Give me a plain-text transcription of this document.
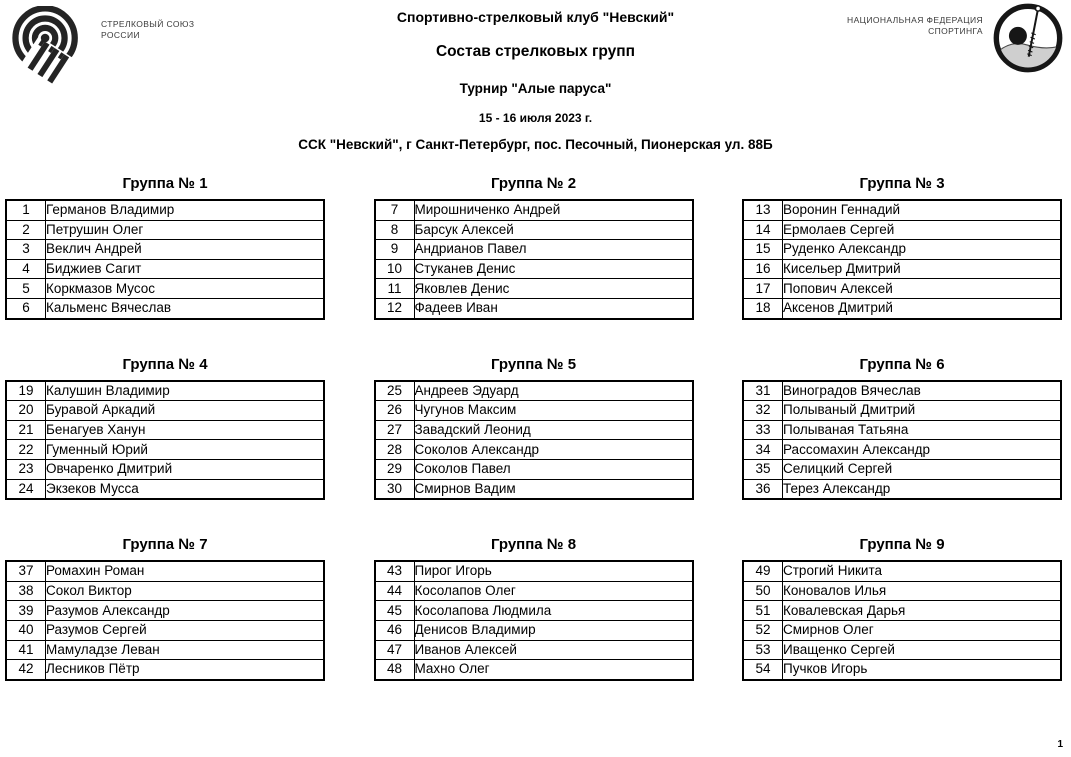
СТРЕЛКОВЫЙ СОЮЗ
РОССИИ
НАЦИОНАЛЬНАЯ ФЕДЕРАЦИЯ
СПОРТИНГА
Спортивно-стрелковый клуб "Невский"
Состав стрелковых групп
Турнир "Алые паруса"
15 - 16 июля 2023 г.
ССК "Невский", г Санкт-Петербург, пос. Песочный, Пионерская ул. 88Б
Группа № 1
1	Германов Владимир
2	Петрушин Олег
3	Веклич Андрей
4	Биджиев Сагит
5	Коркмазов Мусос
6	Кальменс Вячеслав
Группа № 2
7	Мирошниченко Андрей
8	Барсук Алексей
9	Андрианов Павел
10	Стуканев Денис
11	Яковлев Денис
12	Фадеев Иван
Группа № 3
13	Воронин Геннадий
14	Ермолаев Сергей
15	Руденко Александр
16	Кисельер Дмитрий
17	Попович Алексей
18	Аксенов Дмитрий
Группа № 4
19	Калушин Владимир
20	Буравой Аркадий
21	Бенагуев Ханун
22	Гуменный Юрий
23	Овчаренко Дмитрий
24	Экзеков Мусса
Группа № 5
25	Андреев Эдуард
26	Чугунов Максим
27	Завадский Леонид
28	Соколов Александр
29	Соколов Павел
30	Смирнов Вадим
Группа № 6
31	Виноградов Вячеслав
32	Полываный Дмитрий
33	Полываная Татьяна
34	Рассомахин Александр
35	Селицкий Сергей
36	Терез Александр
Группа № 7
37	Ромахин Роман
38	Сокол Виктор
39	Разумов Александр
40	Разумов Сергей
41	Мамуладзе Леван
42	Лесников Пётр
Группа № 8
43	Пирог Игорь
44	Косолапов Олег
45	Косолапова Людмила
46	Денисов Владимир
47	Иванов Алексей
48	Махно Олег
Группа № 9
49	Строгий Никита
50	Коновалов Илья
51	Ковалевская Дарья
52	Смирнов Олег
53	Иващенко Сергей
54	Пучков Игорь
1
